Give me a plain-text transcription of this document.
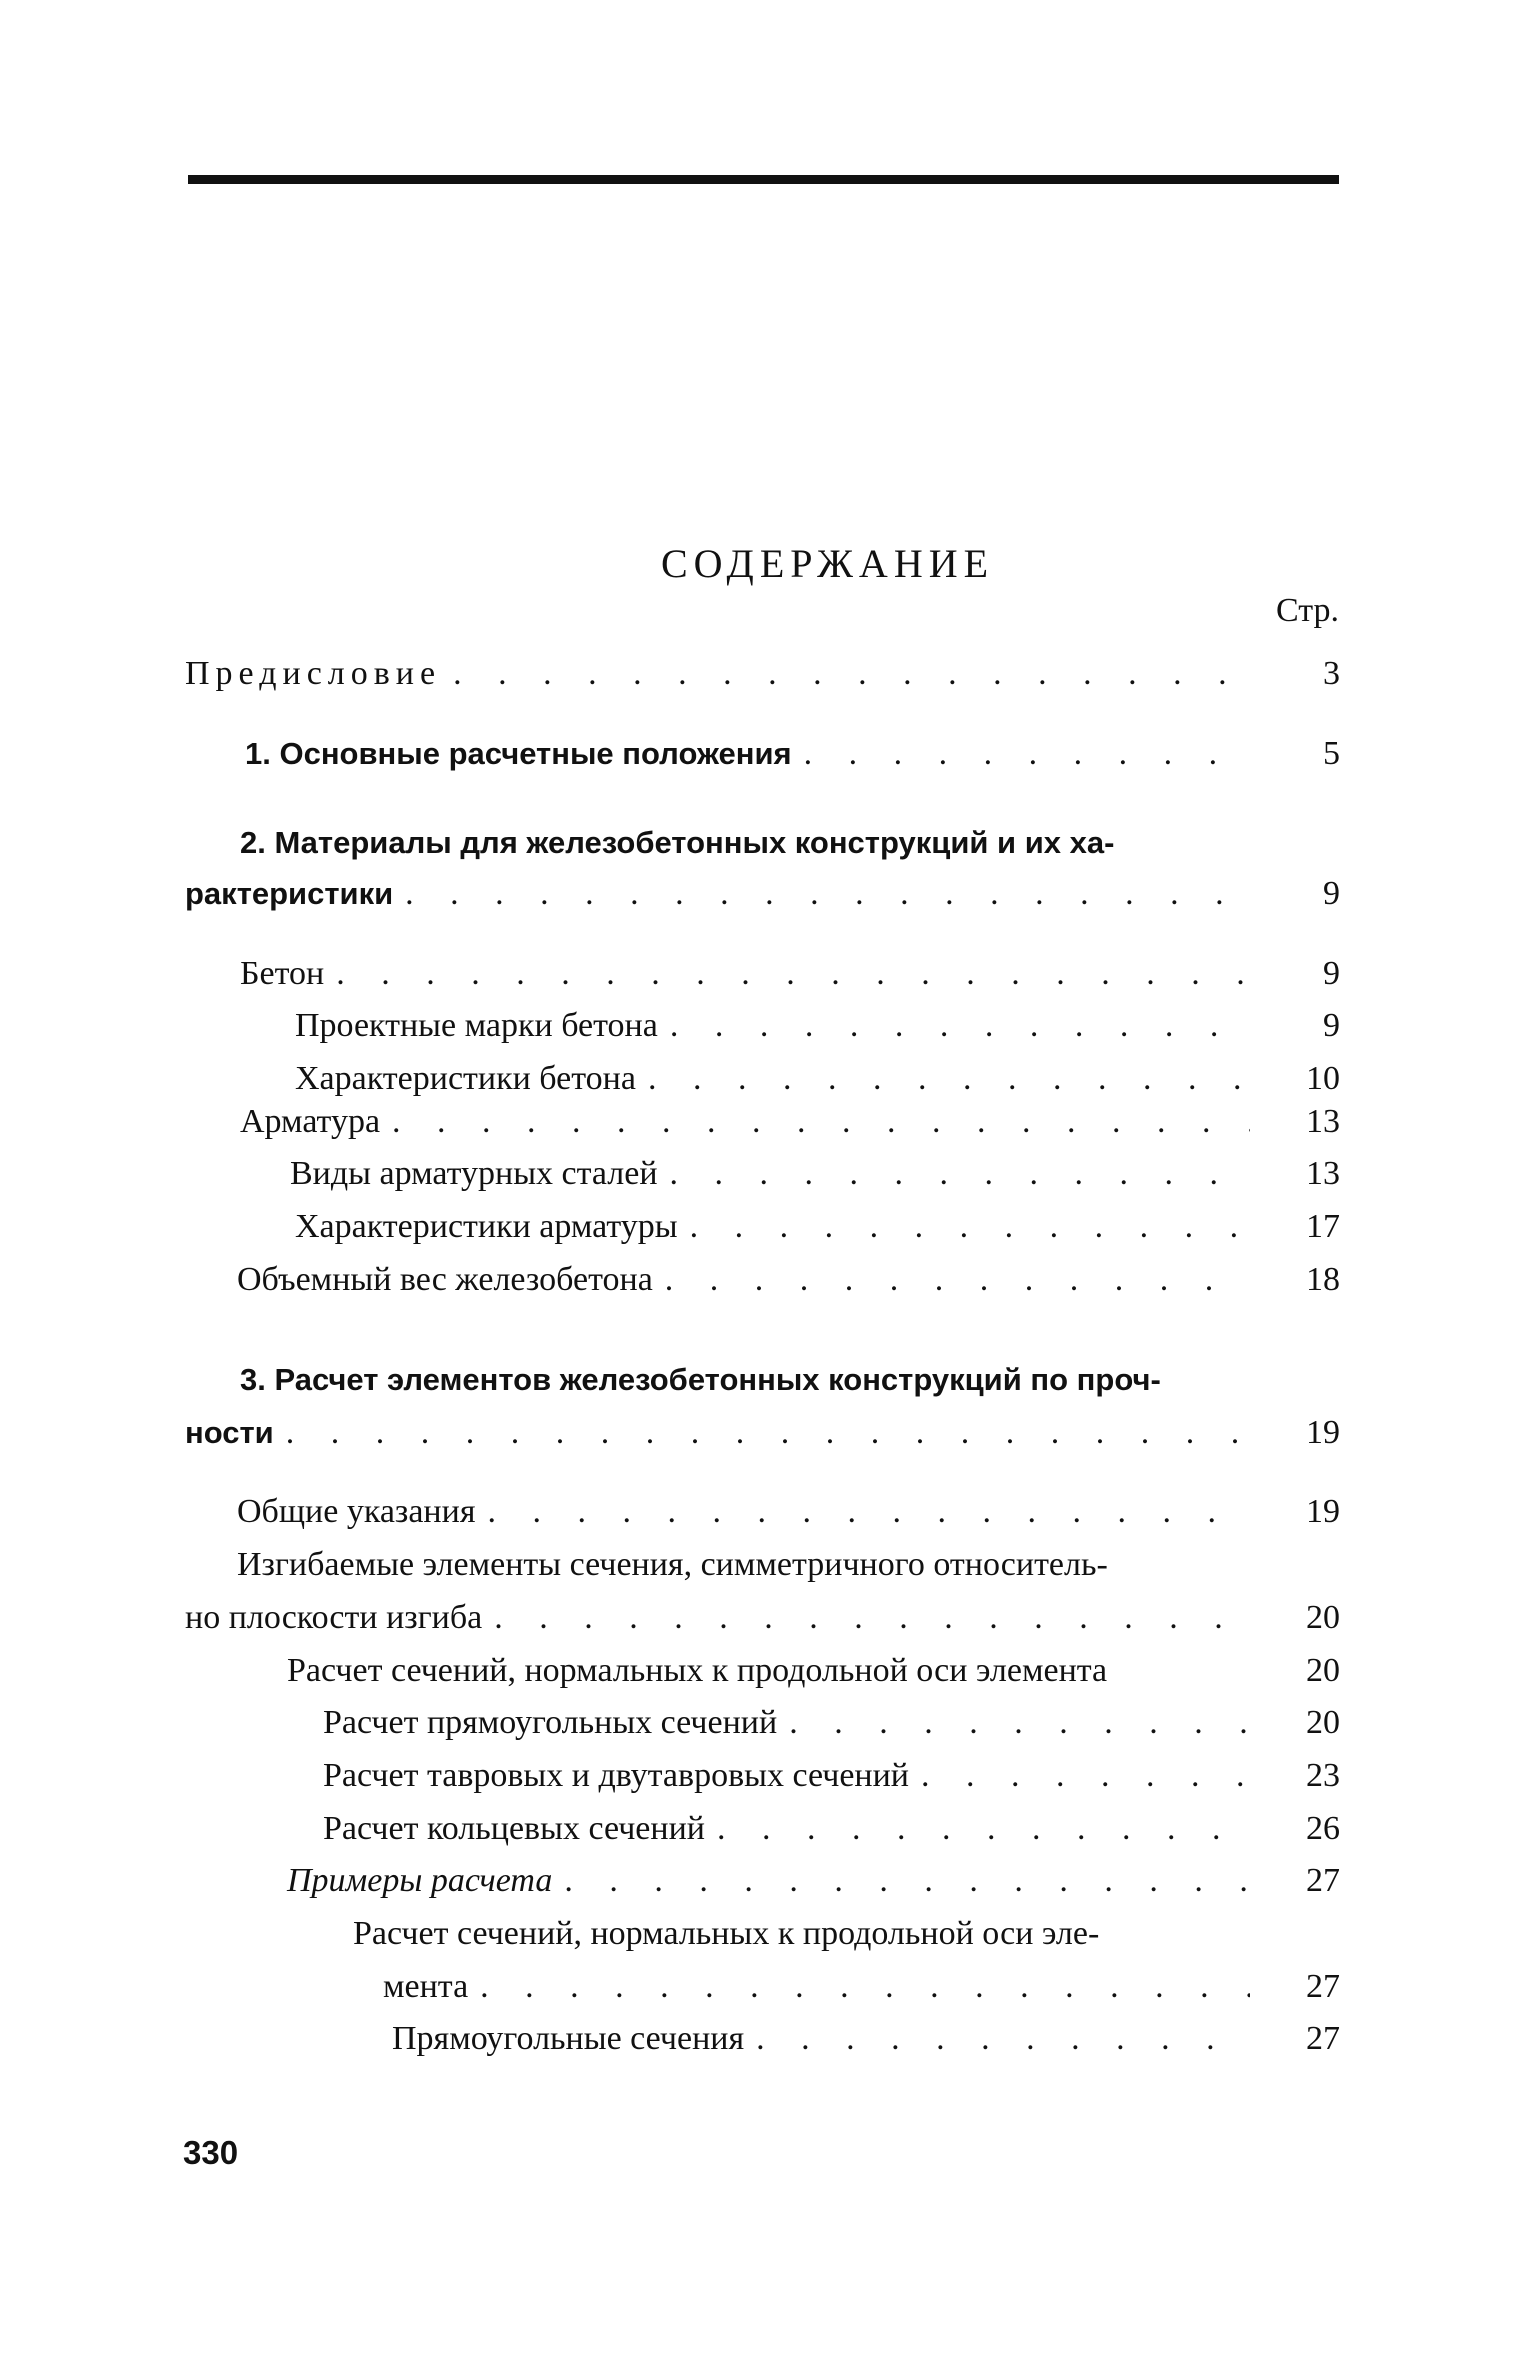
СОДЕРЖАНИЕ
Стр.
Предисловие . . .	3
1. Основные расчетные положения . . .	5
2. Материалы для железобетонных конструкций и их ха-
рактеристики . . .	9
Бетон . . .	9
Проектные марки бетона . . .	9
Характеристики бетона . . .	10
Арматура . . .	13
Виды арматурных сталей . . .	13
Характеристики арматуры . . .	17
Объемный вес железобетона . . .	18
3. Расчет элементов железобетонных конструкций по проч-
ности . . .	19
Общие указания . . .	19
Изгибаемые элементы сечения, симметричного относитель-
но плоскости изгиба . . .	20
Расчет сечений, нормальных к продольной оси элемента	20
Расчет прямоугольных сечений . . .	20
Расчет тавровых и двутавровых сечений . . .	23
Расчет кольцевых сечений . . .	26
Примеры расчета . . .	27
Расчет сечений, нормальных к продольной оси эле-
мента . . .	27
Прямоугольные сечения . . .	27
330
